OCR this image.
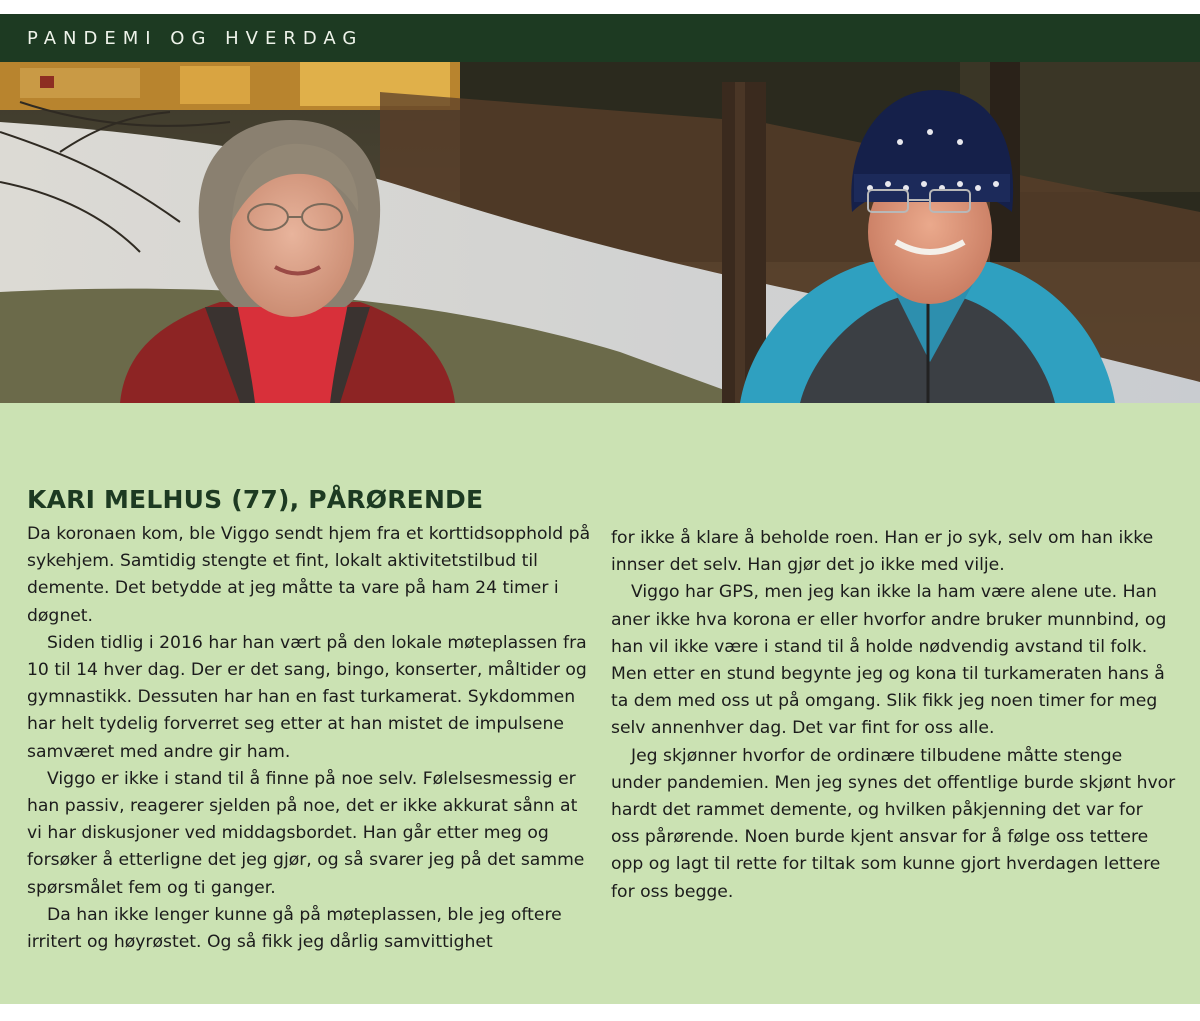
PANDEMI OG HVERDAG
KARI MELHUS (77), PÅRØRENDE

Da koronaen kom, ble Viggo sendt hjem fra et korttidsopphold på sykehjem. Samtidig stengte et fint, lokalt aktivitetstilbud til demente. Det betydde at jeg måtte ta vare på ham 24 timer i døgnet.

Siden tidlig i 2016 har han vært på den lokale møteplassen fra 10 til 14 hver dag. Der er det sang, bingo, konserter, måltider og gymnastikk. Dessuten har han en fast turkamerat. Sykdommen har helt tydelig forverret seg etter at han mistet de impulsene samværet med andre gir ham.

Viggo er ikke i stand til å finne på noe selv. Følelsesmessig er han passiv, reagerer sjelden på noe, det er ikke akkurat sånn at vi har diskusjoner ved middagsbordet. Han går etter meg og forsøker å etterligne det jeg gjør, og så svarer jeg på det samme spørsmålet fem og ti ganger.

Da han ikke lenger kunne gå på møteplassen, ble jeg oftere irritert og høyrøstet. Og så fikk jeg dårlig samvittighet

for ikke å klare å beholde roen. Han er jo syk, selv om han ikke innser det selv. Han gjør det jo ikke med vilje.

Viggo har GPS, men jeg kan ikke la ham være alene ute. Han aner ikke hva korona er eller hvorfor andre bruker munnbind, og han vil ikke være i stand til å holde nødvendig avstand til folk. Men etter en stund begynte jeg og kona til turkameraten hans å ta dem med oss ut på omgang. Slik fikk jeg noen timer for meg selv annenhver dag. Det var fint for oss alle.

Jeg skjønner hvorfor de ordinære tilbudene måtte stenge under pandemien. Men jeg synes det offentlige burde skjønt hvor hardt det rammet demente, og hvilken påkjenning det var for oss pårørende. Noen burde kjent ansvar for å følge oss tettere opp og lagt til rette for tiltak som kunne gjort hverdagen lettere for oss begge.
